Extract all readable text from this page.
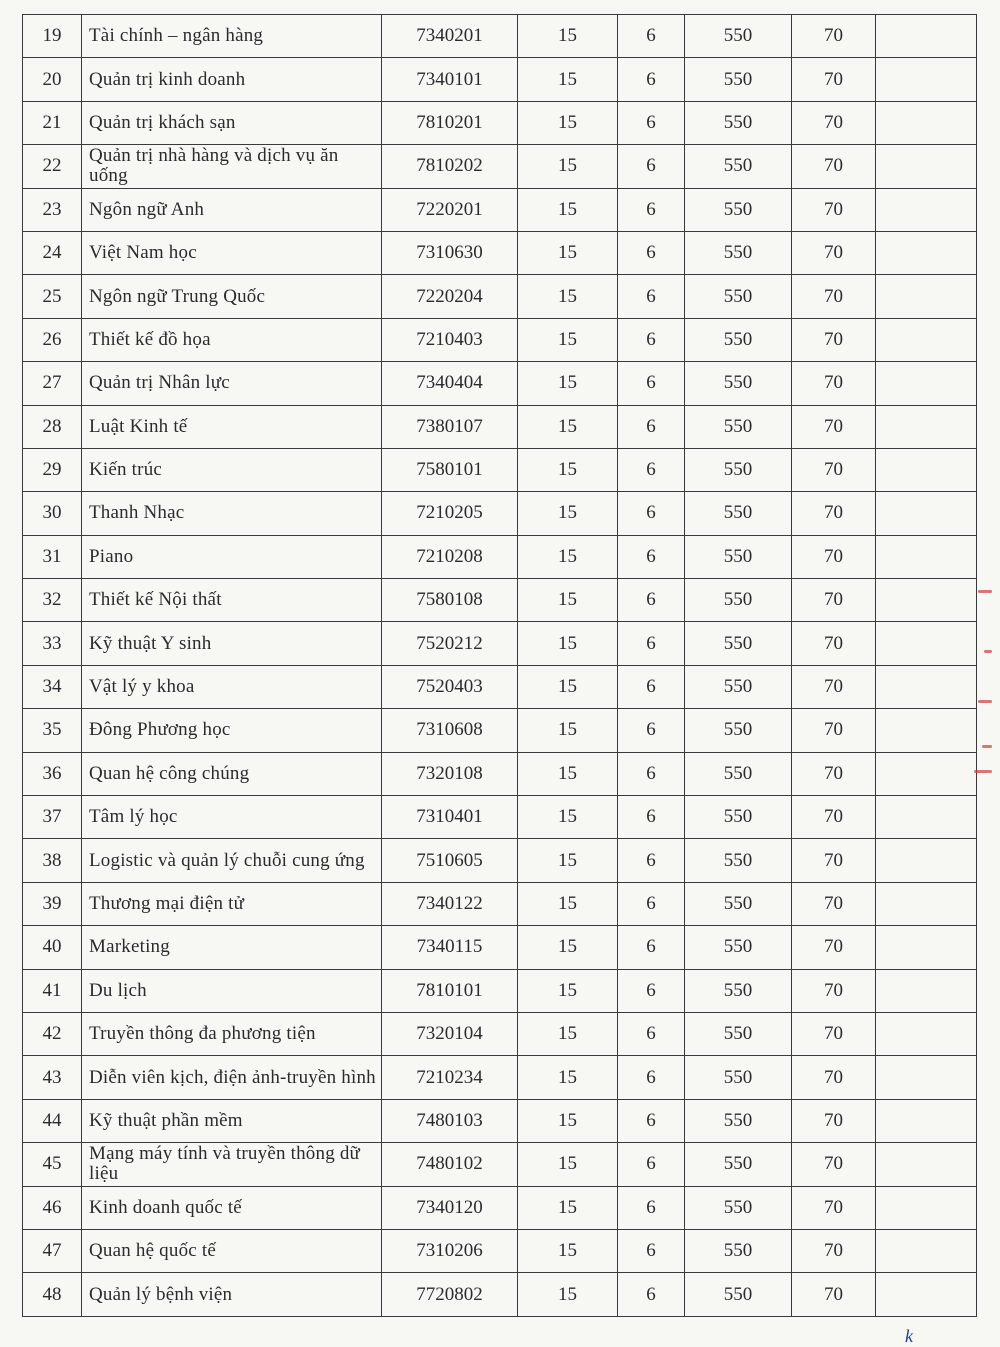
19	Tài chính – ngân hàng	7340201	15	6	550	70	
20	Quản trị kinh doanh	7340101	15	6	550	70	
21	Quản trị khách sạn	7810201	15	6	550	70	
22	Quản trị nhà hàng và dịch vụ ăn uống	7810202	15	6	550	70	
23	Ngôn ngữ Anh	7220201	15	6	550	70	
24	Việt Nam học	7310630	15	6	550	70	
25	Ngôn ngữ Trung Quốc	7220204	15	6	550	70	
26	Thiết kế đồ họa	7210403	15	6	550	70	
27	Quản trị Nhân lực	7340404	15	6	550	70	
28	Luật Kinh tế	7380107	15	6	550	70	
29	Kiến trúc	7580101	15	6	550	70	
30	Thanh Nhạc	7210205	15	6	550	70	
31	Piano	7210208	15	6	550	70	
32	Thiết kế Nội thất	7580108	15	6	550	70	
33	Kỹ thuật Y sinh	7520212	15	6	550	70	
34	Vật lý y khoa	7520403	15	6	550	70	
35	Đông Phương học	7310608	15	6	550	70	
36	Quan hệ công chúng	7320108	15	6	550	70	
37	Tâm lý học	7310401	15	6	550	70	
38	Logistic và quản lý chuỗi cung ứng	7510605	15	6	550	70	
39	Thương mại điện tử	7340122	15	6	550	70	
40	Marketing	7340115	15	6	550	70	
41	Du lịch	7810101	15	6	550	70	
42	Truyền thông đa phương tiện	7320104	15	6	550	70	
43	Diễn viên kịch, điện ảnh-truyền hình	7210234	15	6	550	70	
44	Kỹ thuật phần mềm	7480103	15	6	550	70	
45	Mạng máy tính và truyền thông dữ liệu	7480102	15	6	550	70	
46	Kinh doanh quốc tế	7340120	15	6	550	70	
47	Quan hệ quốc tế	7310206	15	6	550	70	
48	Quản lý bệnh viện	7720802	15	6	550	70	
k
